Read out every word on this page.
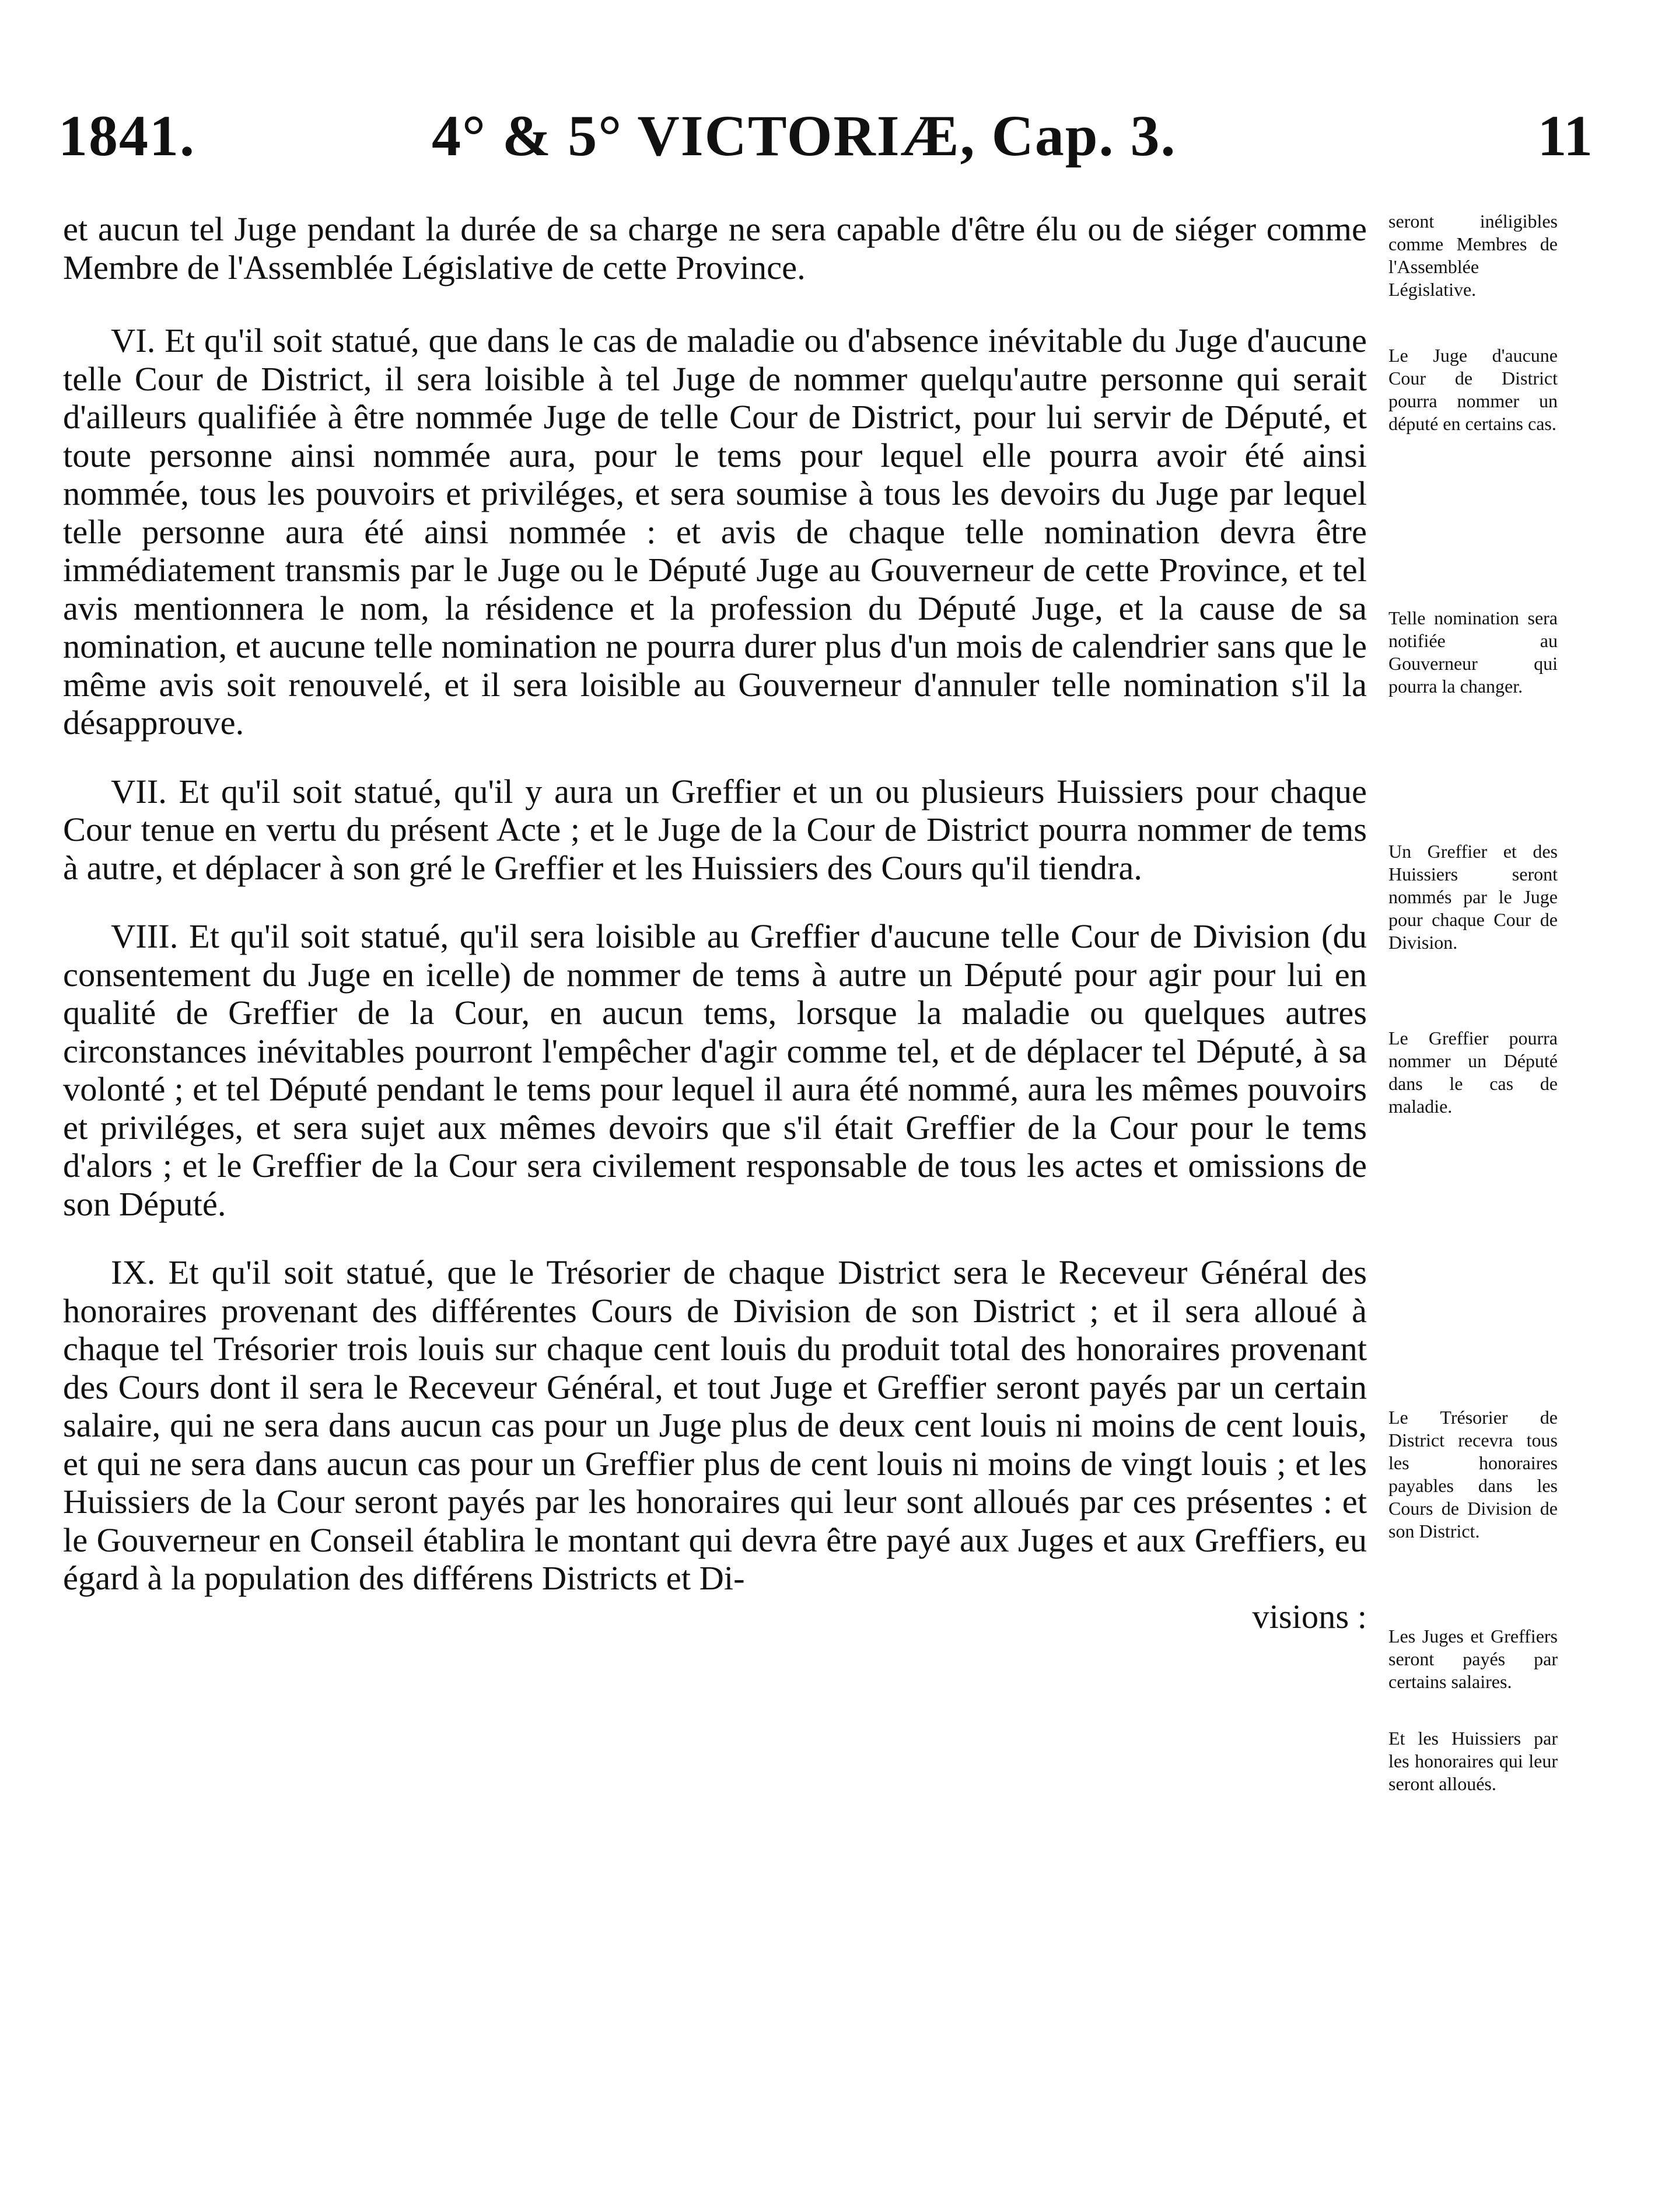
1841.	4° & 5° VICTORIÆ, Cap. 3.	11

et aucun tel Juge pendant la durée de sa charge ne sera capable d'être élu ou de siéger comme Membre de l'Assemblée Législative de cette Province.

VI. Et qu'il soit statué, que dans le cas de maladie ou d'absence inévitable du Juge d'aucune telle Cour de District, il sera loisible à tel Juge de nommer quelqu'autre personne qui serait d'ailleurs qualifiée à être nommée Juge de telle Cour de District, pour lui servir de Député, et toute personne ainsi nommée aura, pour le tems pour lequel elle pourra avoir été ainsi nommée, tous les pouvoirs et priviléges, et sera soumise à tous les devoirs du Juge par lequel telle personne aura été ainsi nommée : et avis de chaque telle nomination devra être immédiatement transmis par le Juge ou le Député Juge au Gouverneur de cette Province, et tel avis mentionnera le nom, la résidence et la profession du Député Juge, et la cause de sa nomination, et aucune telle nomination ne pourra durer plus d'un mois de calendrier sans que le même avis soit renouvelé, et il sera loisible au Gouverneur d'annuler telle nomination s'il la désapprouve.

VII. Et qu'il soit statué, qu'il y aura un Greffier et un ou plusieurs Huissiers pour chaque Cour tenue en vertu du présent Acte ; et le Juge de la Cour de District pourra nommer de tems à autre, et déplacer à son gré le Greffier et les Huissiers des Cours qu'il tiendra.

VIII. Et qu'il soit statué, qu'il sera loisible au Greffier d'aucune telle Cour de Division (du consentement du Juge en icelle) de nommer de tems à autre un Député pour agir pour lui en qualité de Greffier de la Cour, en aucun tems, lorsque la maladie ou quelques autres circonstances inévitables pourront l'empêcher d'agir comme tel, et de déplacer tel Député, à sa volonté ; et tel Député pendant le tems pour lequel il aura été nommé, aura les mêmes pouvoirs et priviléges, et sera sujet aux mêmes devoirs que s'il était Greffier de la Cour pour le tems d'alors ; et le Greffier de la Cour sera civilement responsable de tous les actes et omissions de son Député.

IX. Et qu'il soit statué, que le Trésorier de chaque District sera le Receveur Général des honoraires provenant des différentes Cours de Division de son District ; et il sera alloué à chaque tel Trésorier trois louis sur chaque cent louis du produit total des honoraires provenant des Cours dont il sera le Receveur Général, et tout Juge et Greffier seront payés par un certain salaire, qui ne sera dans aucun cas pour un Juge plus de deux cent louis ni moins de cent louis, et qui ne sera dans aucun cas pour un Greffier plus de cent louis ni moins de vingt louis ; et les Huissiers de la Cour seront payés par les honoraires qui leur sont alloués par ces présentes : et le Gouverneur en Conseil établira le montant qui devra être payé aux Juges et aux Greffiers, eu égard à la population des différens Districts et Di-

visions :
seront inéligibles comme Membres de l'Assemblée Législative.
Le Juge d'aucune Cour de District pourra nommer un député en certains cas.
Telle nomination sera notifiée au Gouverneur qui pourra la changer.
Un Greffier et des Huissiers seront nommés par le Juge pour chaque Cour de Division.
Le Greffier pourra nommer un Député dans le cas de maladie.
Le Trésorier de District recevra tous les honoraires payables dans les Cours de Division de son District.
Les Juges et Greffiers seront payés par certains salaires.
Et les Huissiers par les honoraires qui leur seront alloués.
